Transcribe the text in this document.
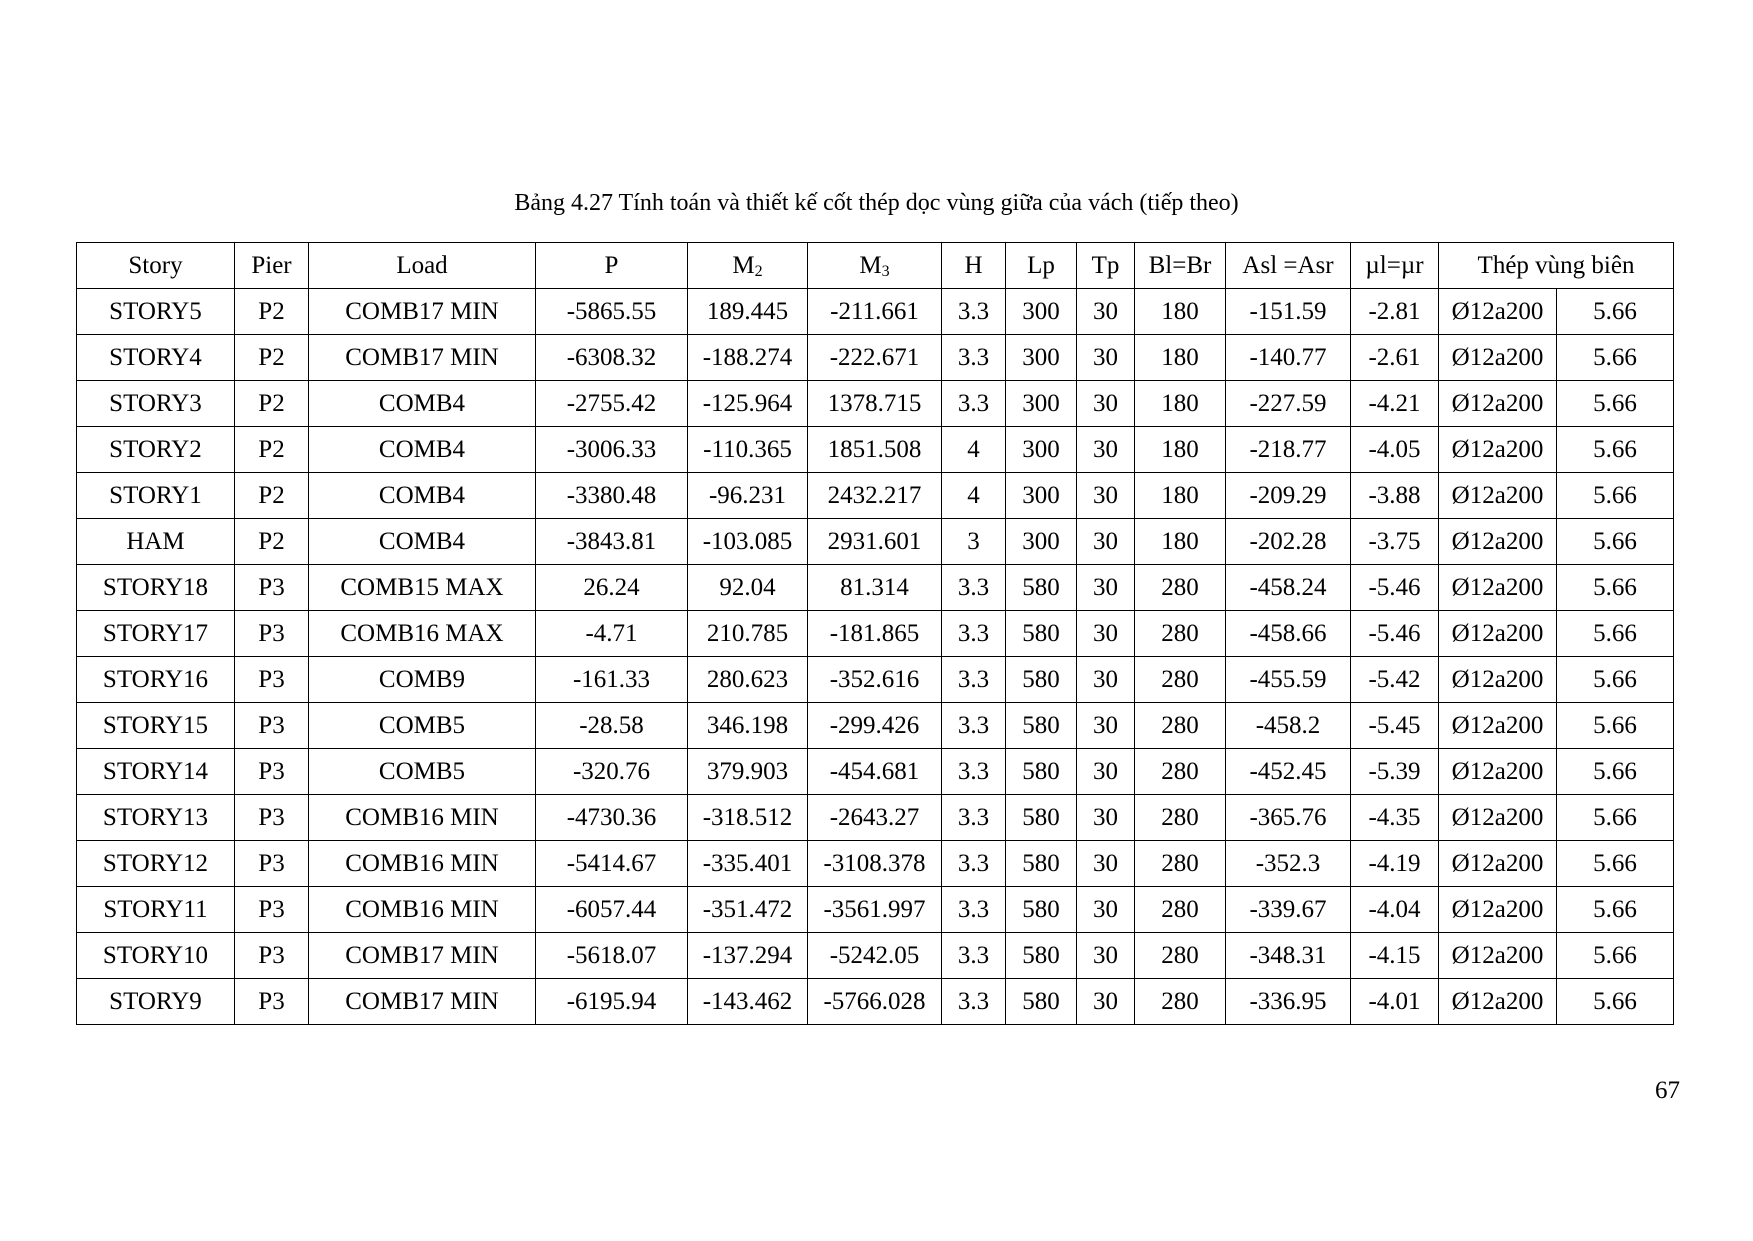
Bảng 4.27 Tính toán và thiết kế cốt thép dọc vùng giữa của vách (tiếp theo)
Story	Pier	Load	P	$M_2$	$M_3$	H	Lp	Tp	Bl=Br	Asl =Asr	µl=µr	Thép vùng biên	
STORY5	P2	COMB17 MIN	-5865.55	189.445	-211.661	3.3	300	30	180	-151.59	-2.81	Ø12a200	5.66
STORY4	P2	COMB17 MIN	-6308.32	-188.274	-222.671	3.3	300	30	180	-140.77	-2.61	Ø12a200	5.66
STORY3	P2	COMB4	-2755.42	-125.964	1378.715	3.3	300	30	180	-227.59	-4.21	Ø12a200	5.66
STORY2	P2	COMB4	-3006.33	-110.365	1851.508	4	300	30	180	-218.77	-4.05	Ø12a200	5.66
STORY1	P2	COMB4	-3380.48	-96.231	2432.217	4	300	30	180	-209.29	-3.88	Ø12a200	5.66
HAM	P2	COMB4	-3843.81	-103.085	2931.601	3	300	30	180	-202.28	-3.75	Ø12a200	5.66
STORY18	P3	COMB15 MAX	26.24	92.04	81.314	3.3	580	30	280	-458.24	-5.46	Ø12a200	5.66
STORY17	P3	COMB16 MAX	-4.71	210.785	-181.865	3.3	580	30	280	-458.66	-5.46	Ø12a200	5.66
STORY16	P3	COMB9	-161.33	280.623	-352.616	3.3	580	30	280	-455.59	-5.42	Ø12a200	5.66
STORY15	P3	COMB5	-28.58	346.198	-299.426	3.3	580	30	280	-458.2	-5.45	Ø12a200	5.66
STORY14	P3	COMB5	-320.76	379.903	-454.681	3.3	580	30	280	-452.45	-5.39	Ø12a200	5.66
STORY13	P3	COMB16 MIN	-4730.36	-318.512	-2643.27	3.3	580	30	280	-365.76	-4.35	Ø12a200	5.66
STORY12	P3	COMB16 MIN	-5414.67	-335.401	-3108.378	3.3	580	30	280	-352.3	-4.19	Ø12a200	5.66
STORY11	P3	COMB16 MIN	-6057.44	-351.472	-3561.997	3.3	580	30	280	-339.67	-4.04	Ø12a200	5.66
STORY10	P3	COMB17 MIN	-5618.07	-137.294	-5242.05	3.3	580	30	280	-348.31	-4.15	Ø12a200	5.66
STORY9	P3	COMB17 MIN	-6195.94	-143.462	-5766.028	3.3	580	30	280	-336.95	-4.01	Ø12a200	5.66
67
